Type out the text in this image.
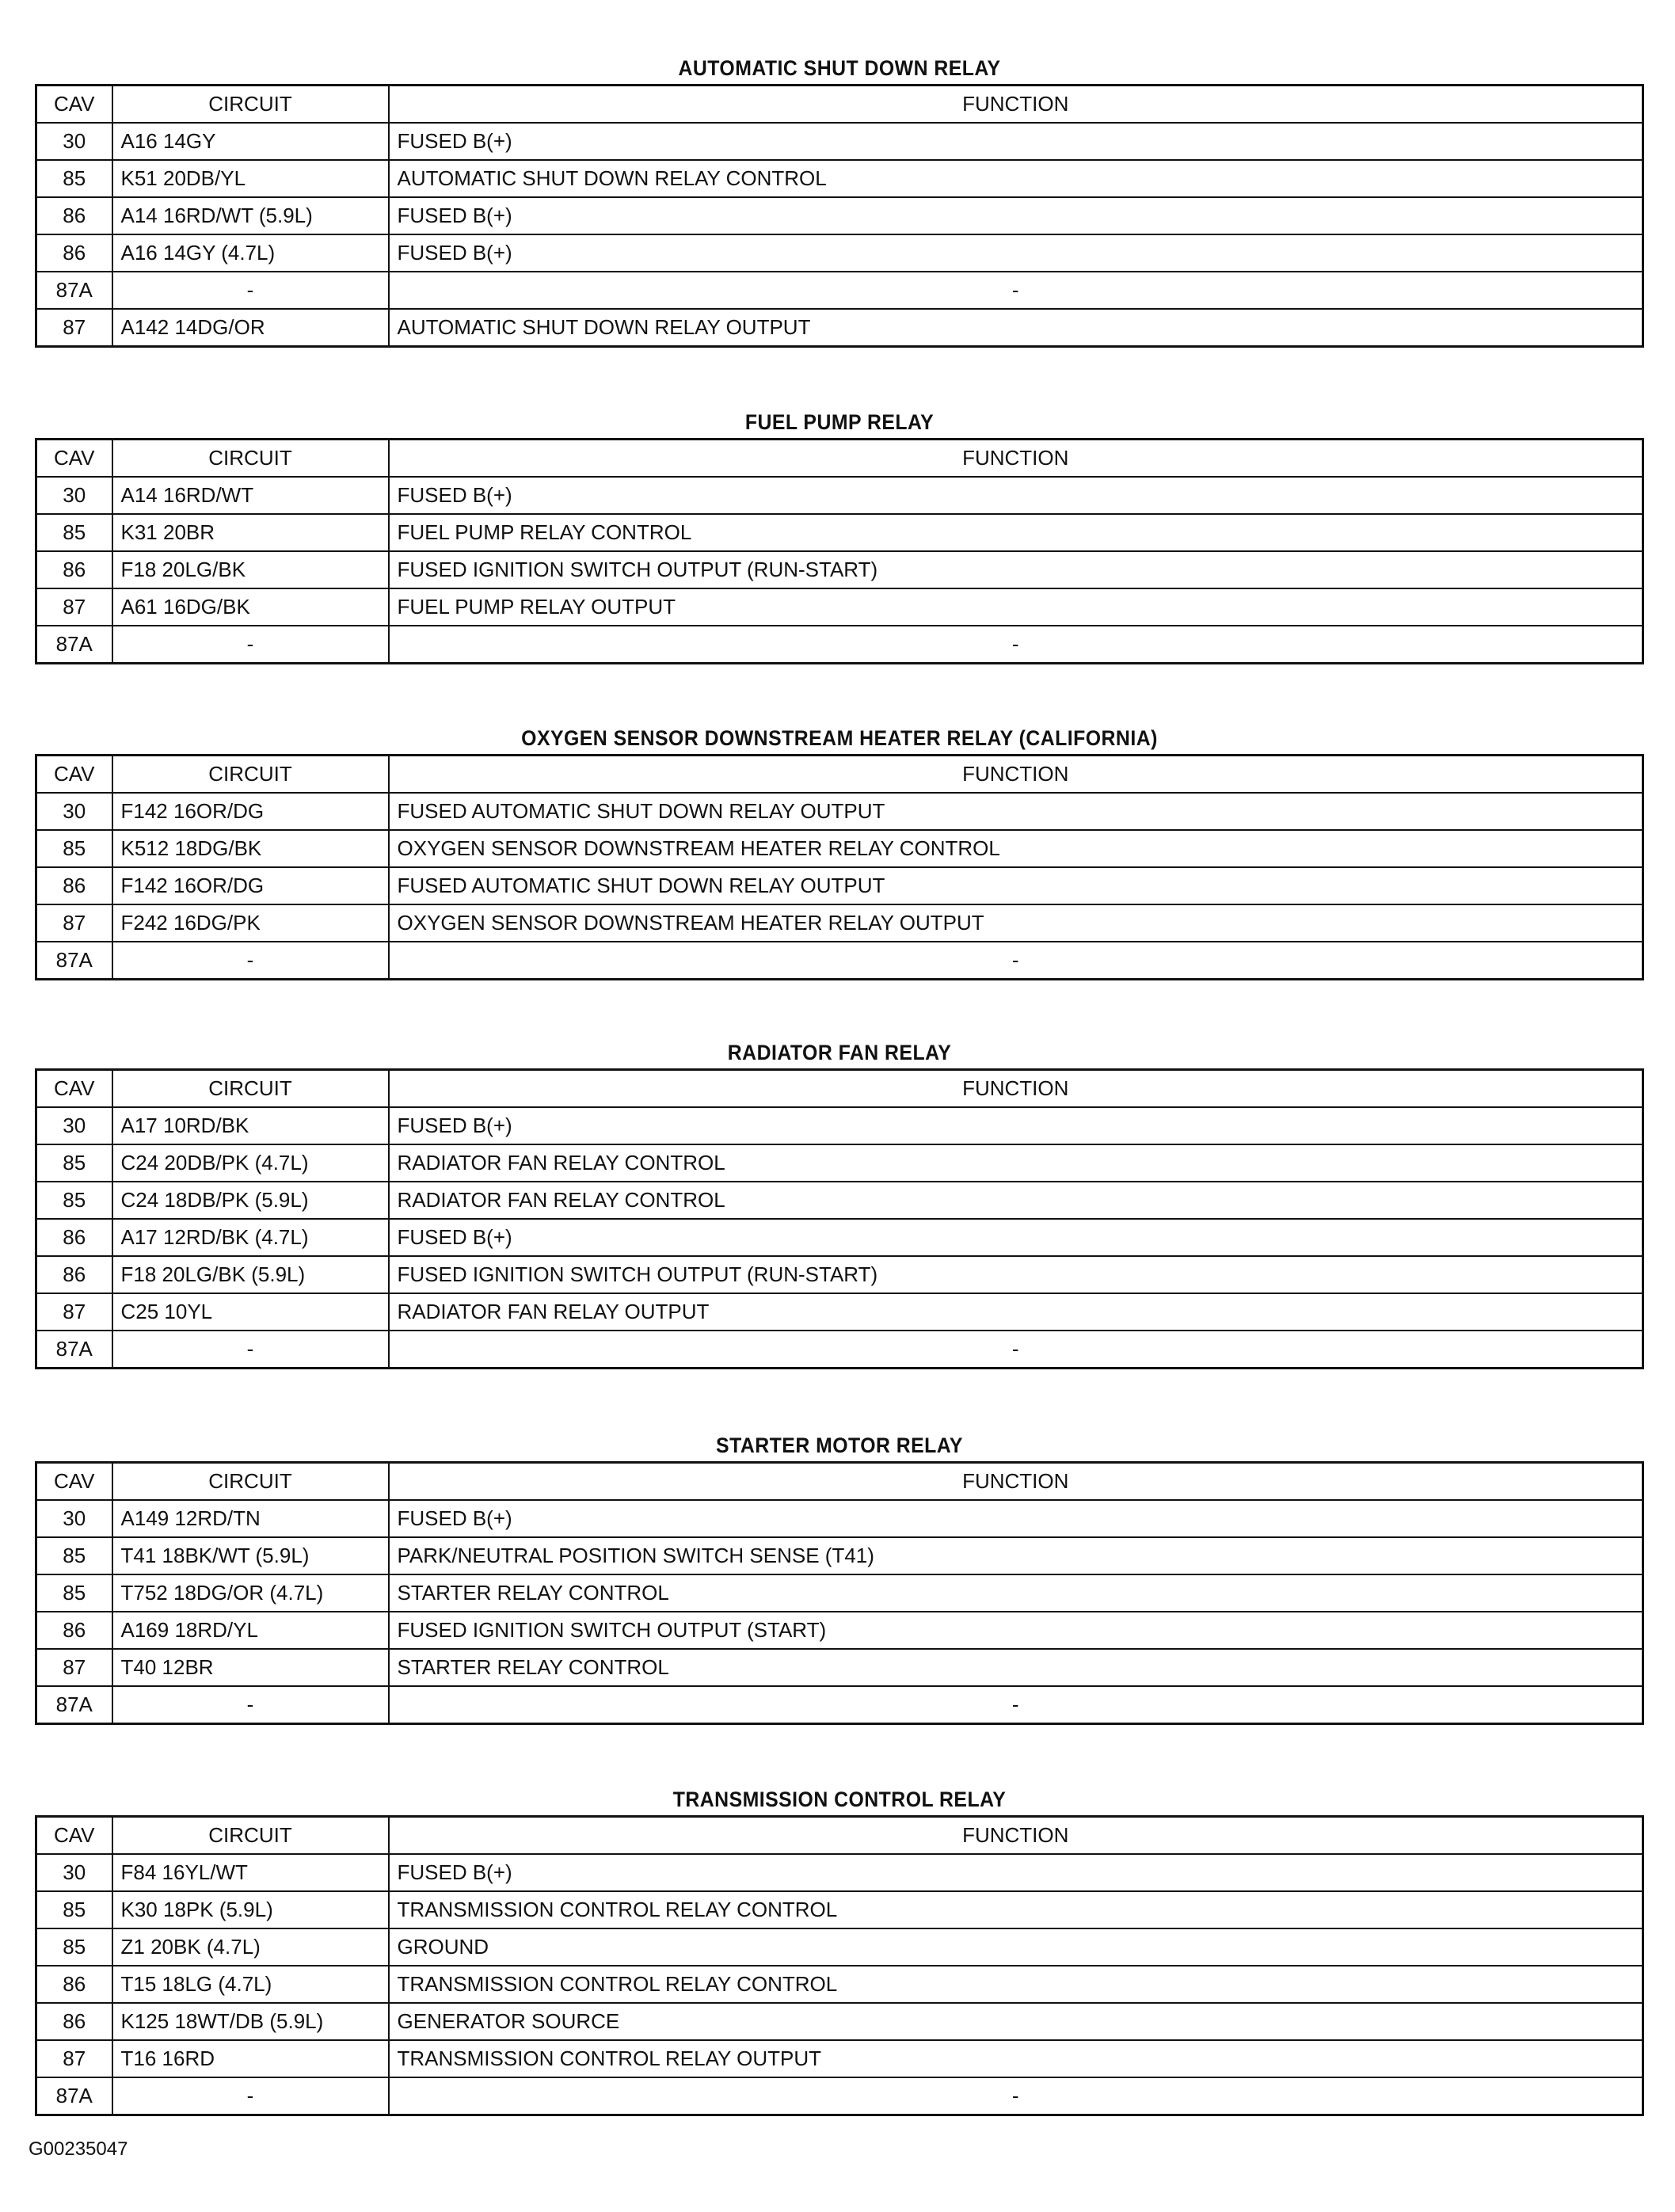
AUTOMATIC SHUT DOWN RELAY
CAV	CIRCUIT	FUNCTION
30	A16 14GY	FUSED B(+)
85	K51 20DB/YL	AUTOMATIC SHUT DOWN RELAY CONTROL
86	A14 16RD/WT (5.9L)	FUSED B(+)
86	A16 14GY (4.7L)	FUSED B(+)
87A	-	-
87	A142 14DG/OR	AUTOMATIC SHUT DOWN RELAY OUTPUT
FUEL PUMP RELAY
CAV	CIRCUIT	FUNCTION
30	A14 16RD/WT	FUSED B(+)
85	K31 20BR	FUEL PUMP RELAY CONTROL
86	F18 20LG/BK	FUSED IGNITION SWITCH OUTPUT (RUN-START)
87	A61 16DG/BK	FUEL PUMP RELAY OUTPUT
87A	-	-
OXYGEN SENSOR DOWNSTREAM HEATER RELAY (CALIFORNIA)
CAV	CIRCUIT	FUNCTION
30	F142 16OR/DG	FUSED AUTOMATIC SHUT DOWN RELAY OUTPUT
85	K512 18DG/BK	OXYGEN SENSOR DOWNSTREAM HEATER RELAY CONTROL
86	F142 16OR/DG	FUSED AUTOMATIC SHUT DOWN RELAY OUTPUT
87	F242 16DG/PK	OXYGEN SENSOR DOWNSTREAM HEATER RELAY OUTPUT
87A	-	-
RADIATOR FAN RELAY
CAV	CIRCUIT	FUNCTION
30	A17 10RD/BK	FUSED B(+)
85	C24 20DB/PK (4.7L)	RADIATOR FAN RELAY CONTROL
85	C24 18DB/PK (5.9L)	RADIATOR FAN RELAY CONTROL
86	A17 12RD/BK (4.7L)	FUSED B(+)
86	F18 20LG/BK (5.9L)	FUSED IGNITION SWITCH OUTPUT (RUN-START)
87	C25 10YL	RADIATOR FAN RELAY OUTPUT
87A	-	-
STARTER MOTOR RELAY
CAV	CIRCUIT	FUNCTION
30	A149 12RD/TN	FUSED B(+)
85	T41 18BK/WT (5.9L)	PARK/NEUTRAL POSITION SWITCH SENSE (T41)
85	T752 18DG/OR (4.7L)	STARTER RELAY CONTROL
86	A169 18RD/YL	FUSED IGNITION SWITCH OUTPUT (START)
87	T40 12BR	STARTER RELAY CONTROL
87A	-	-
TRANSMISSION CONTROL RELAY
CAV	CIRCUIT	FUNCTION
30	F84 16YL/WT	FUSED B(+)
85	K30 18PK (5.9L)	TRANSMISSION CONTROL RELAY CONTROL
85	Z1 20BK (4.7L)	GROUND
86	T15 18LG (4.7L)	TRANSMISSION CONTROL RELAY CONTROL
86	K125 18WT/DB (5.9L)	GENERATOR SOURCE
87	T16 16RD	TRANSMISSION CONTROL RELAY OUTPUT
87A	-	-
G00235047
